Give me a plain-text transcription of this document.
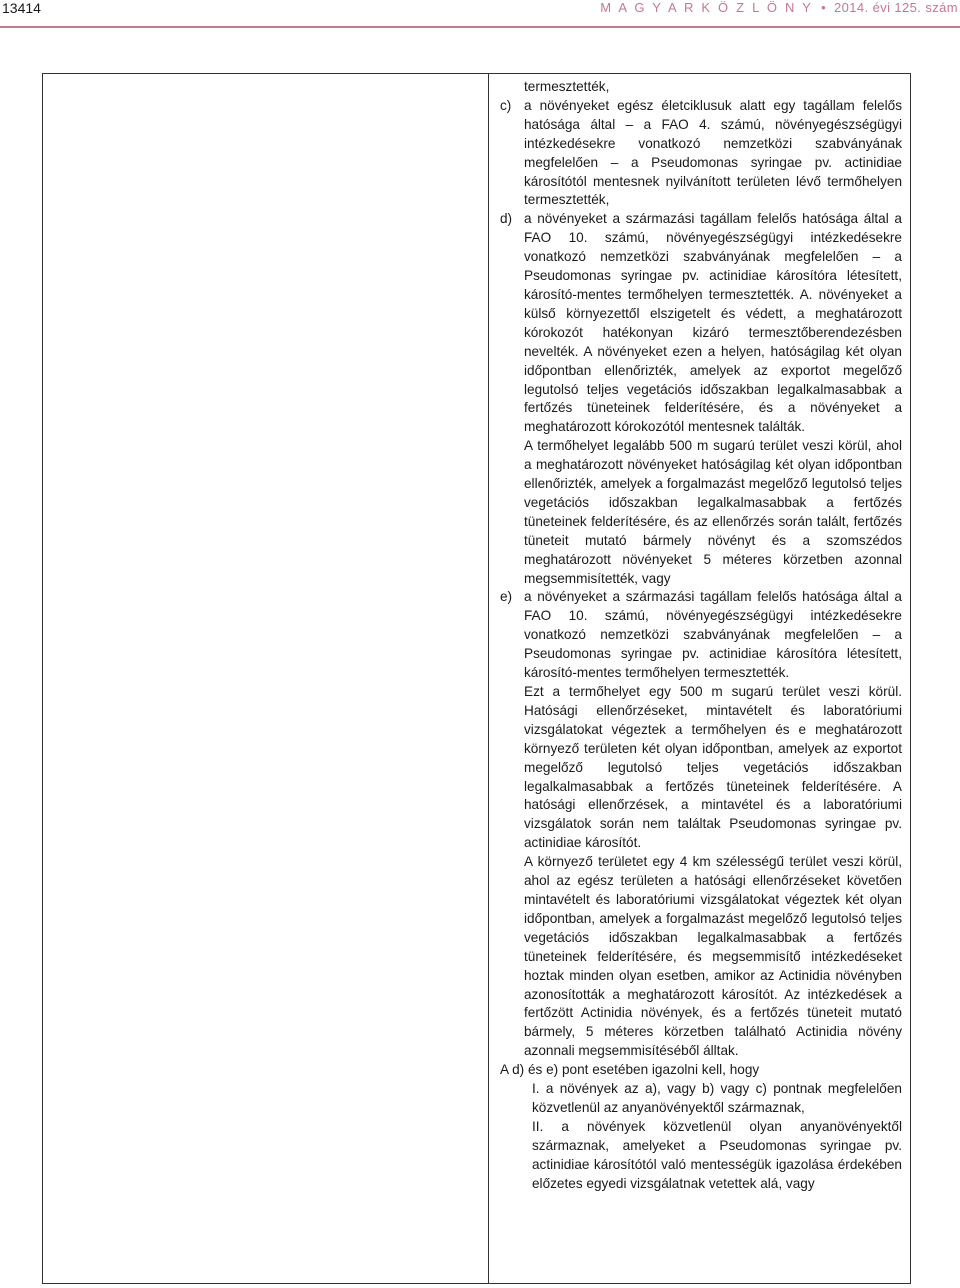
13414	M A G Y A R K Ö Z L Ö N Y • 2014. évi 125. szám

termesztették,

c) a növényeket egész életciklusuk alatt egy tagállam felelős hatósága által – a FAO 4. számú, növényegészségügyi intézkedésekre vonatkozó nemzetközi szabványának megfelelően – a Pseudomonas syringae pv. actinidiae károsítótól mentesnek nyilvánított területen lévő termőhelyen termesztették,

d) a növényeket a származási tagállam felelős hatósága által a FAO 10. számú, növényegészségügyi intézkedésekre vonatkozó nemzetközi szabványának megfelelően – a Pseudomonas syringae pv. actinidiae károsítóra létesített, károsító-mentes termőhelyen termesztették. A. növényeket a külső környezettől elszigetelt és védett, a meghatározott kórokozót hatékonyan kizáró termesztőberendezésben nevelték. A növényeket ezen a helyen, hatóságilag két olyan időpontban ellenőrizték, amelyek az exportot megelőző legutolsó teljes vegetációs időszakban legalkalmasabbak a fertőzés tüneteinek felderítésére, és a növényeket a meghatározott kórokozótól mentesnek találták.

A termőhelyet legalább 500 m sugarú terület veszi körül, ahol a meghatározott növényeket hatóságilag két olyan időpontban ellenőrizték, amelyek a forgalmazást megelőző legutolsó teljes vegetációs időszakban legalkalmasabbak a fertőzés tüneteinek felderítésére, és az ellenőrzés során talált, fertőzés tüneteit mutató bármely növényt és a szomszédos meghatározott növényeket 5 méteres körzetben azonnal megsemmisítették, vagy

e) a növényeket a származási tagállam felelős hatósága által a FAO 10. számú, növényegészségügyi intézkedésekre vonatkozó nemzetközi szabványának megfelelően – a Pseudomonas syringae pv. actinidiae károsítóra létesített, károsító-mentes termőhelyen termesztették.

Ezt a termőhelyet egy 500 m sugarú terület veszi körül. Hatósági ellenőrzéseket, mintavételt és laboratóriumi vizsgálatokat végeztek a termőhelyen és e meghatározott környező területen két olyan időpontban, amelyek az exportot megelőző legutolsó teljes vegetációs időszakban legalkalmasabbak a fertőzés tüneteinek felderítésére. A hatósági ellenőrzések, a mintavétel és a laboratóriumi vizsgálatok során nem találtak Pseudomonas syringae pv. actinidiae károsítót.

A környező területet egy 4 km szélességű terület veszi körül, ahol az egész területen a hatósági ellenőrzéseket követően mintavételt és laboratóriumi vizsgálatokat végeztek két olyan időpontban, amelyek a forgalmazást megelőző legutolsó teljes vegetációs időszakban legalkalmasabbak a fertőzés tüneteinek felderítésére, és megsemmisítő intézkedéseket hoztak minden olyan esetben, amikor az Actinidia növényben azonosították a meghatározott károsítót. Az intézkedések a fertőzött Actinidia növények, és a fertőzés tüneteit mutató bármely, 5 méteres körzetben található Actinidia növény azonnali megsemmisítéséből álltak.

A d) és e) pont esetében igazolni kell, hogy

I. a növények az a), vagy b) vagy c) pontnak megfelelően közvetlenül az anyanövényektől származnak,

II. a növények közvetlenül olyan anyanövényektől származnak, amelyeket a Pseudomonas syringae pv. actinidiae károsítótól való mentességük igazolása érdekében előzetes egyedi vizsgálatnak vetettek alá, vagy
